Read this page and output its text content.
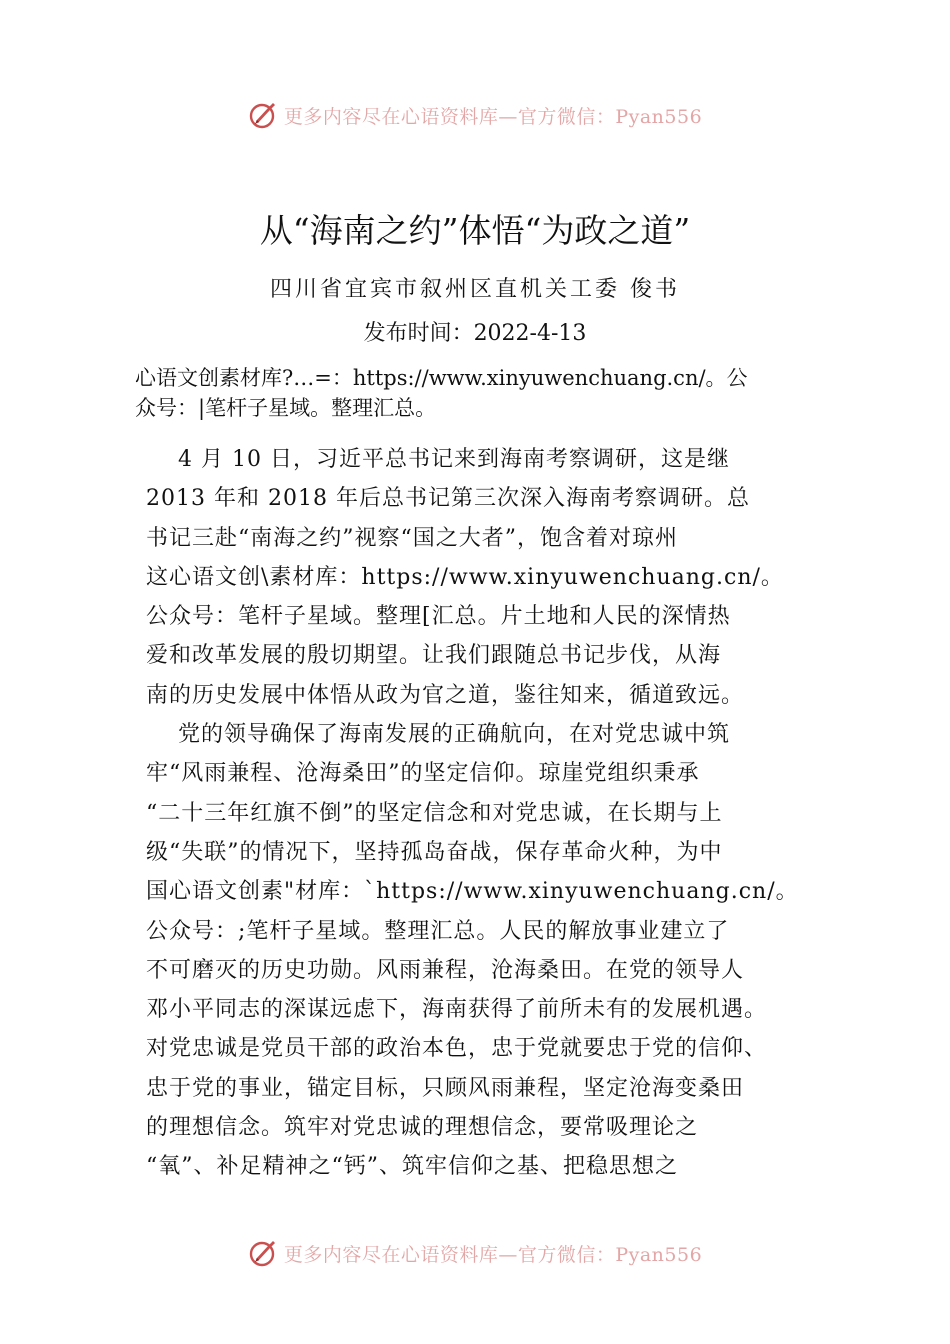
更多内容尽在心语资料库—官方微信：Pyan556
从“海南之约”体悟“为政之道”
四川省宜宾市叙州区直机关工委 俊书
发布时间：2022-4-13
心语文创素材库?…=：https://www.xinyuwenchuang.cn/。公
众号：|笔杆子星域。整理汇总。
4 月 10 日，习近平总书记来到海南考察调研，这是继
2013 年和 2018 年后总书记第三次深入海南考察调研。总
书记三赴“南海之约”视察“国之大者”，饱含着对琼州
这心语文创\素材库：https://www.xinyuwenchuang.cn/。
公众号：笔杆子星域。整理[汇总。片土地和人民的深情热
爱和改革发展的殷切期望。让我们跟随总书记步伐，从海
南的历史发展中体悟从政为官之道，鉴往知来，循道致远。
党的领导确保了海南发展的正确航向，在对党忠诚中筑
牢“风雨兼程、沧海桑田”的坚定信仰。琼崖党组织秉承
“二十三年红旗不倒”的坚定信念和对党忠诚，在长期与上
级“失联”的情况下，坚持孤岛奋战，保存革命火种，为中
国心语文创素"材库：`https://www.xinyuwenchuang.cn/。
公众号：;笔杆子星域。整理汇总。人民的解放事业建立了
不可磨灭的历史功勋。风雨兼程，沧海桑田。在党的领导人
邓小平同志的深谋远虑下，海南获得了前所未有的发展机遇。
对党忠诚是党员干部的政治本色，忠于党就要忠于党的信仰、
忠于党的事业，锚定目标，只顾风雨兼程，坚定沧海变桑田
的理想信念。筑牢对党忠诚的理想信念，要常吸理论之
“氧”、补足精神之“钙”、筑牢信仰之基、把稳思想之
更多内容尽在心语资料库—官方微信：Pyan556
